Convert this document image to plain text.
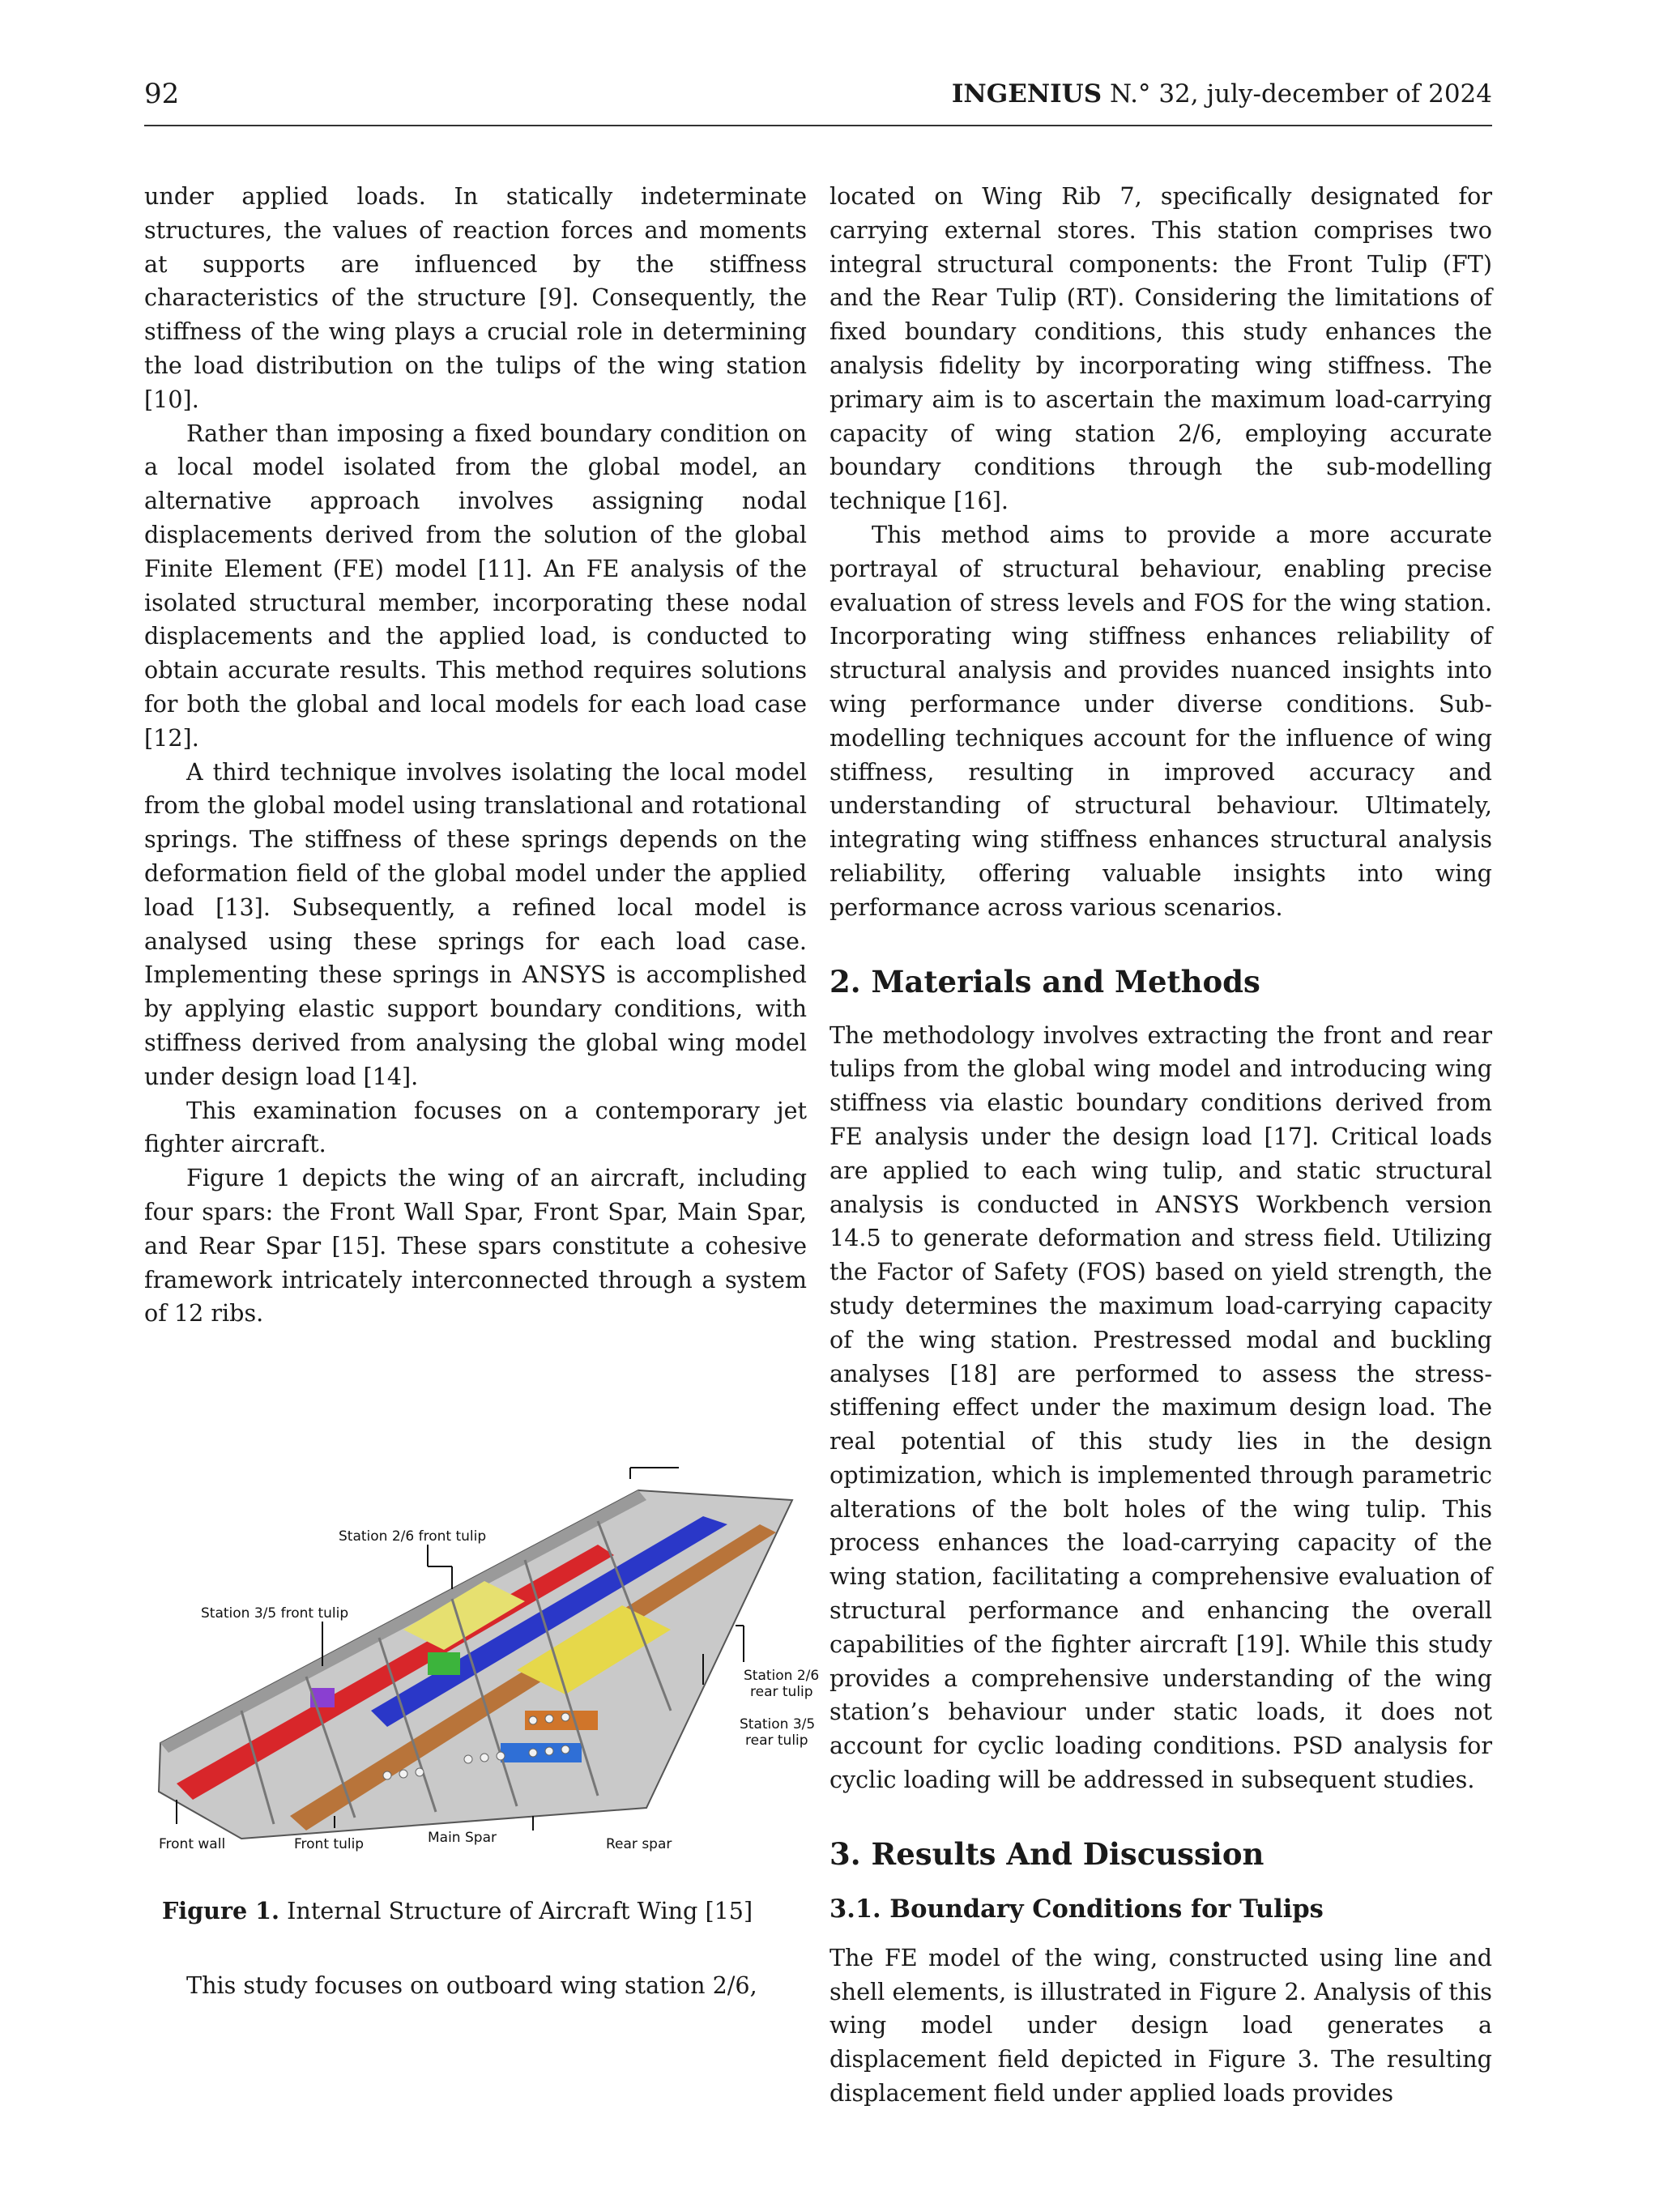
92	INGENIUS N.° 32, july-december of 2024

under applied loads. In statically indeterminate structures, the values of reaction forces and moments at supports are influenced by the stiffness characteristics of the structure [9]. Consequently, the stiffness of the wing plays a crucial role in determining the load distribution on the tulips of the wing station [10].

Rather than imposing a fixed boundary condition on a local model isolated from the global model, an alternative approach involves assigning nodal displacements derived from the solution of the global Finite Element (FE) model [11]. An FE analysis of the isolated structural member, incorporating these nodal displacements and the applied load, is conducted to obtain accurate results. This method requires solutions for both the global and local models for each load case [12].

A third technique involves isolating the local model from the global model using translational and rotational springs. The stiffness of these springs depends on the deformation field of the global model under the applied load [13]. Subsequently, a refined local model is analysed using these springs for each load case. Implementing these springs in ANSYS is accomplished by applying elastic support boundary conditions, with stiffness derived from analysing the global wing model under design load [14].

This examination focuses on a contemporary jet fighter aircraft.

Figure 1 depicts the wing of an aircraft, including four spars: the Front Wall Spar, Front Spar, Main Spar, and Rear Spar [15]. These spars constitute a cohesive framework intricately interconnected through a system of 12 ribs.

Station 2/6 front tulip
Station 3/5 front tulip
Station 2/6
rear tulip
Station 3/5
rear tulip
Front wall	Front tulip	Main Spar	Rear spar
Figure 1. Internal Structure of Aircraft Wing [15]

This study focuses on outboard wing station 2/6,

located on Wing Rib 7, specifically designated for carrying external stores. This station comprises two integral structural components: the Front Tulip (FT) and the Rear Tulip (RT). Considering the limitations of fixed boundary conditions, this study enhances the analysis fidelity by incorporating wing stiffness. The primary aim is to ascertain the maximum load-carrying capacity of wing station 2/6, employing accurate boundary conditions through the sub-modelling technique [16].

This method aims to provide a more accurate portrayal of structural behaviour, enabling precise evaluation of stress levels and FOS for the wing station. Incorporating wing stiffness enhances reliability of structural analysis and provides nuanced insights into wing performance under diverse conditions. Sub-modelling techniques account for the influence of wing stiffness, resulting in improved accuracy and understanding of structural behaviour. Ultimately, integrating wing stiffness enhances structural analysis reliability, offering valuable insights into wing performance across various scenarios.

2. Materials and Methods

The methodology involves extracting the front and rear tulips from the global wing model and introducing wing stiffness via elastic boundary conditions derived from FE analysis under the design load [17]. Critical loads are applied to each wing tulip, and static structural analysis is conducted in ANSYS Workbench version 14.5 to generate deformation and stress field. Utilizing the Factor of Safety (FOS) based on yield strength, the study determines the maximum load-carrying capacity of the wing station. Prestressed modal and buckling analyses [18] are performed to assess the stress-stiffening effect under the maximum design load. The real potential of this study lies in the design optimization, which is implemented through parametric alterations of the bolt holes of the wing tulip. This process enhances the load-carrying capacity of the wing station, facilitating a comprehensive evaluation of structural performance and enhancing the overall capabilities of the fighter aircraft [19]. While this study provides a comprehensive understanding of the wing station’s behaviour under static loads, it does not account for cyclic loading conditions. PSD analysis for cyclic loading will be addressed in subsequent studies.

3. Results And Discussion
3.1. Boundary Conditions for Tulips

The FE model of the wing, constructed using line and shell elements, is illustrated in Figure 2. Analysis of this wing model under design load generates a displacement field depicted in Figure 3. The resulting displacement field under applied loads provides
